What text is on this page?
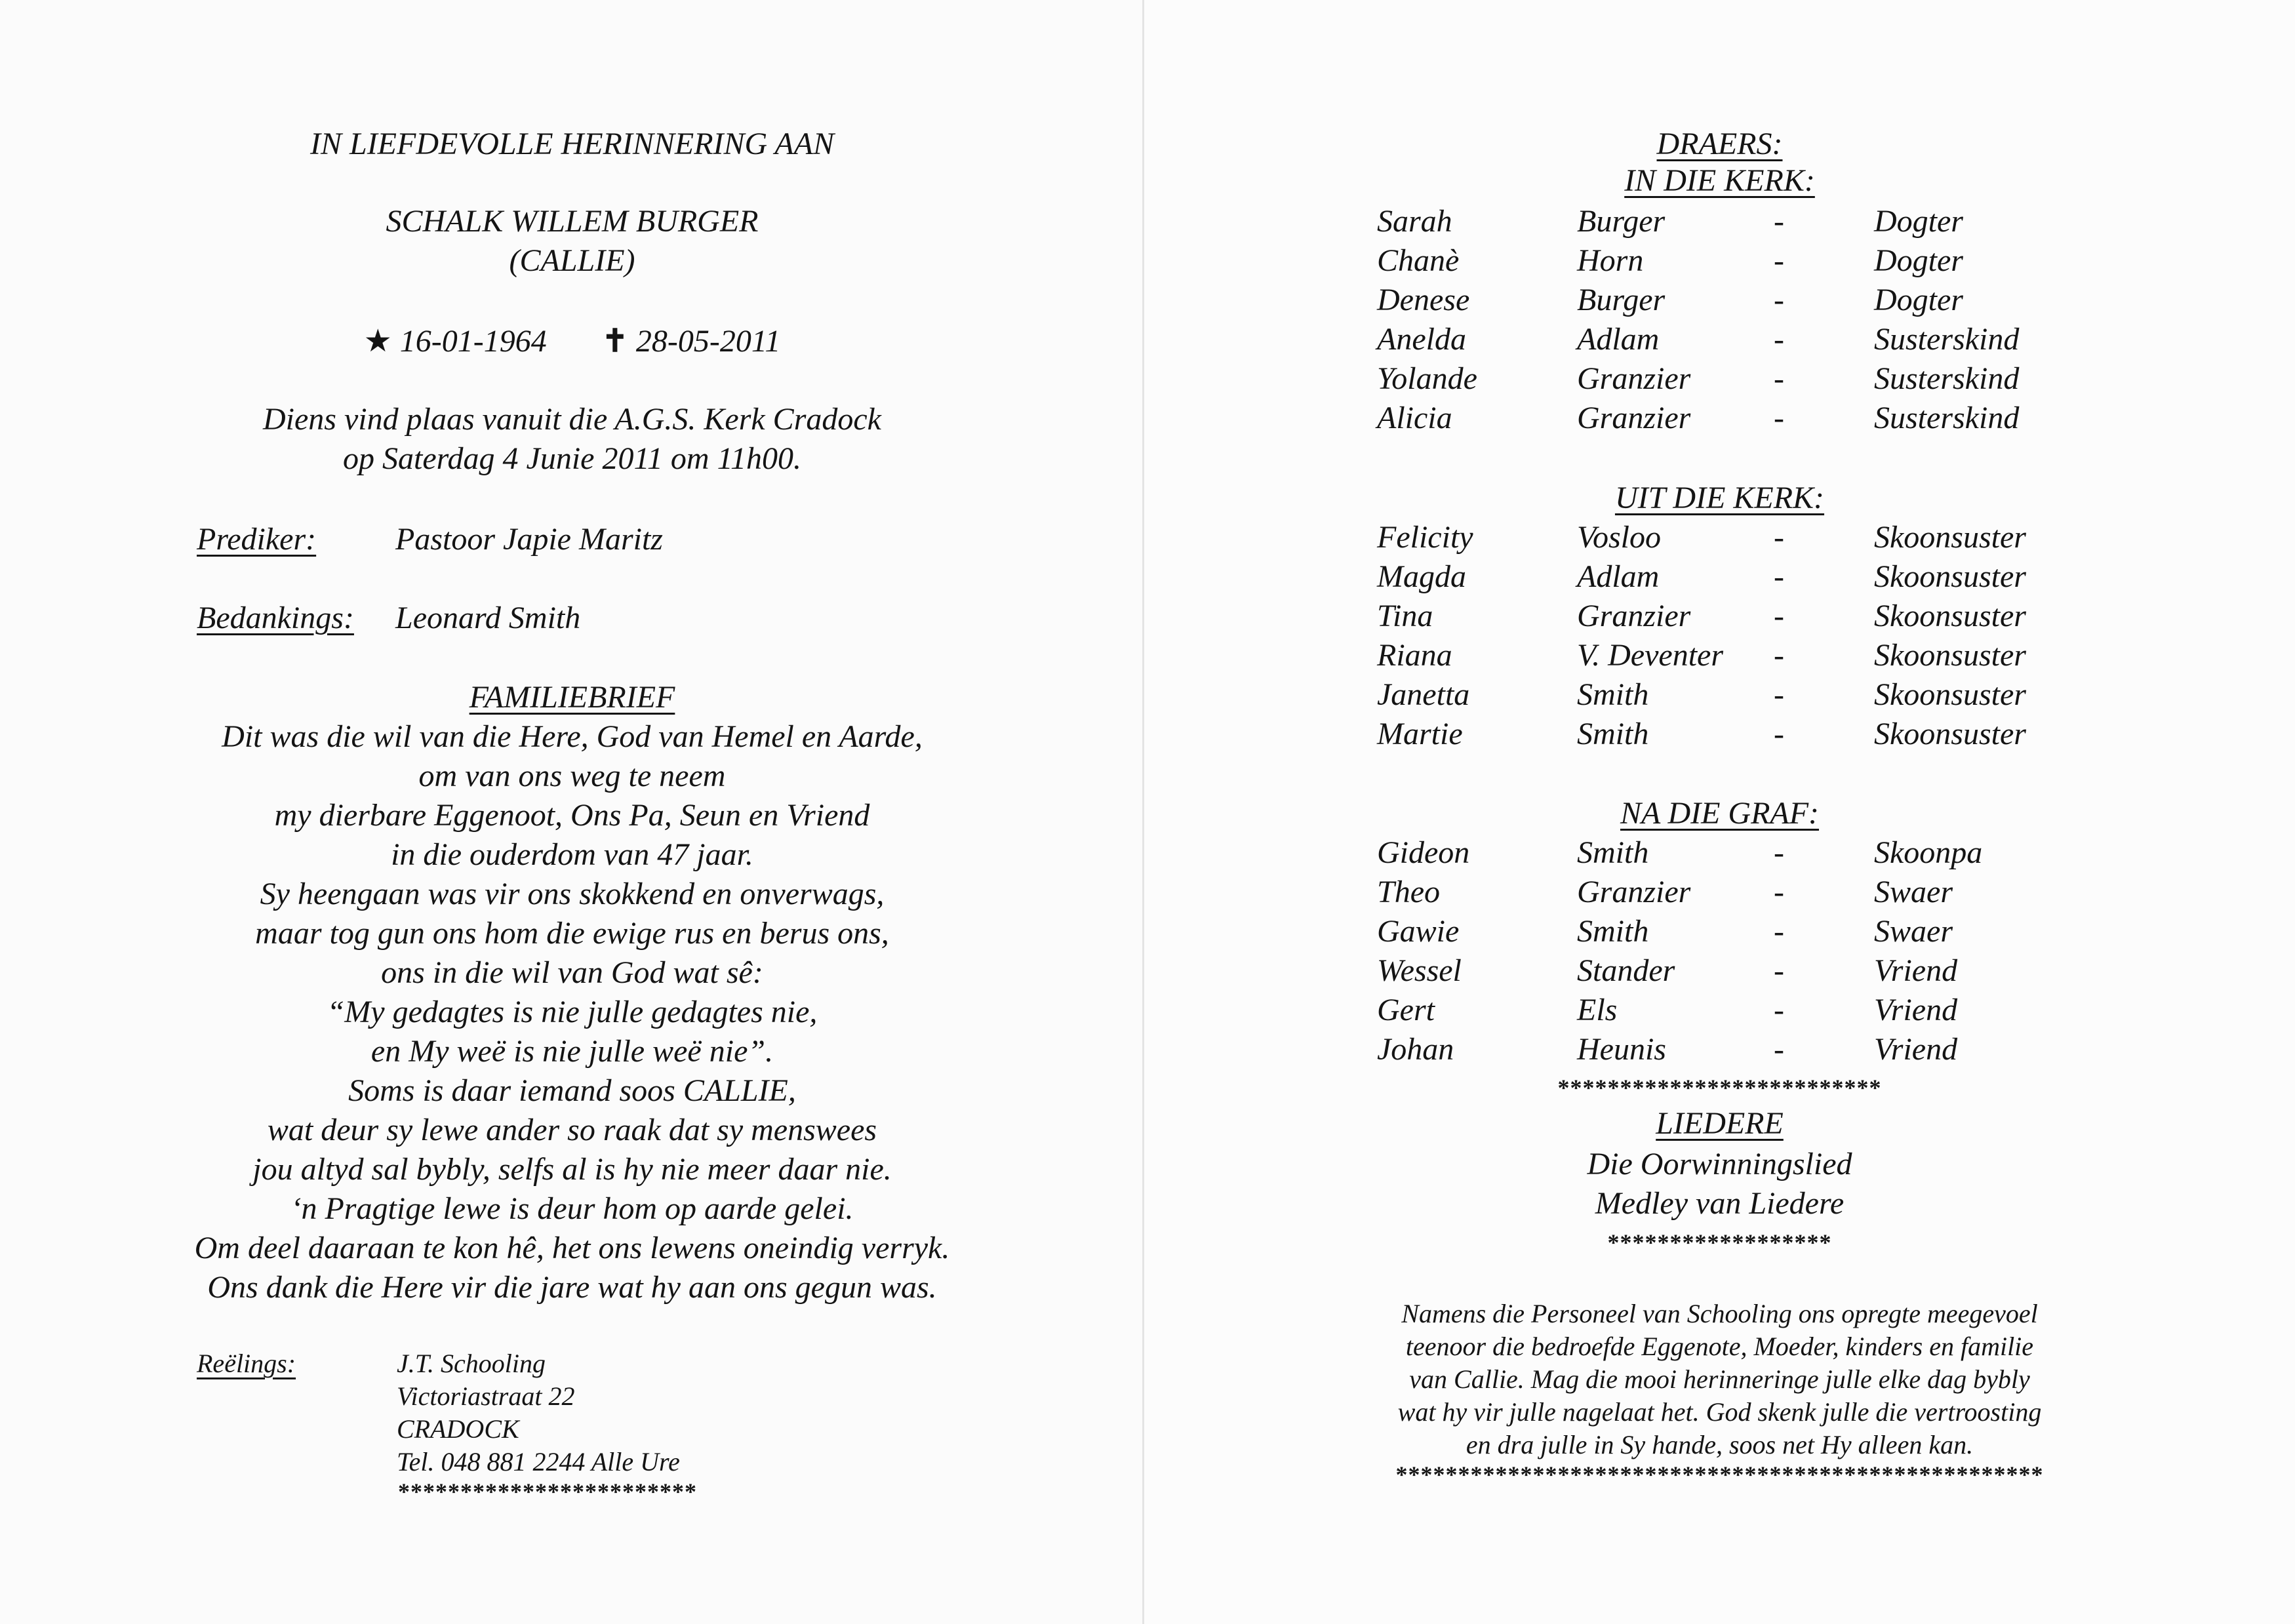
IN LIEFDEVOLLE HERINNERING AAN
SCHALK WILLEM BURGER
(CALLIE)
★ 16-01-1964 ✝ 28-05-2011
Diens vind plaas vanuit die A.G.S. Kerk Cradock
op Saterdag 4 Junie 2011 om 11h00.
Prediker:	Pastoor Japie Maritz
Bedankings: Leonard Smith
FAMILIEBRIEF
Dit was die wil van die Here, God van Hemel en Aarde,
om van ons weg te neem
my dierbare Eggenoot, Ons Pa, Seun en Vriend
in die ouderdom van 47 jaar.
Sy heengaan was vir ons skokkend en onverwags,
maar tog gun ons hom die ewige rus en berus ons,
ons in die wil van God wat sê:
“My gedagtes is nie julle gedagtes nie,
en My weë is nie julle weë nie”.
Soms is daar iemand soos CALLIE,
wat deur sy lewe ander so raak dat sy menswees
jou altyd sal bybly, selfs al is hy nie meer daar nie.
‘n Pragtige lewe is deur hom op aarde gelei.
Om deel daaraan te kon hê, het ons lewens oneindig verryk.
Ons dank die Here vir die jare wat hy aan ons gegun was.
Reëlings:	J.T. Schooling
Victoriastraat 22
CRADOCK
Tel. 048 881 2244 Alle Ure
************************
DRAERS:
IN DIE KERK:
Sarah	Burger	-	Dogter
Chanè	Horn	-	Dogter
Denese	Burger	-	Dogter
Anelda	Adlam	-	Susterskind
Yolande	Granzier	-	Susterskind
Alicia	Granzier	-	Susterskind
UIT DIE KERK:
Felicity	Vosloo	-	Skoonsuster
Magda	Adlam	-	Skoonsuster
Tina	Granzier	-	Skoonsuster
Riana	V. Deventer -	Skoonsuster
Janetta	Smith	-	Skoonsuster
Martie	Smith	-	Skoonsuster
NA DIE GRAF:
Gideon	Smith	-	Skoonpa
Theo	Granzier	-	Swaer
Gawie	Smith	-	Swaer
Wessel	Stander	-	Vriend
Gert	Els	-	Vriend
Johan	Heunis	-	Vriend
**************************
LIEDERE
Die Oorwinningslied
Medley van Liedere
******************
Namens die Personeel van Schooling ons opregte meegevoel
teenoor die bedroefde Eggenote, Moeder, kinders en familie
van Callie. Mag die mooi herinneringe julle elke dag bybly
wat hy vir julle nagelaat het. God skenk julle die vertroosting
en dra julle in Sy hande, soos net Hy alleen kan.
****************************************************
